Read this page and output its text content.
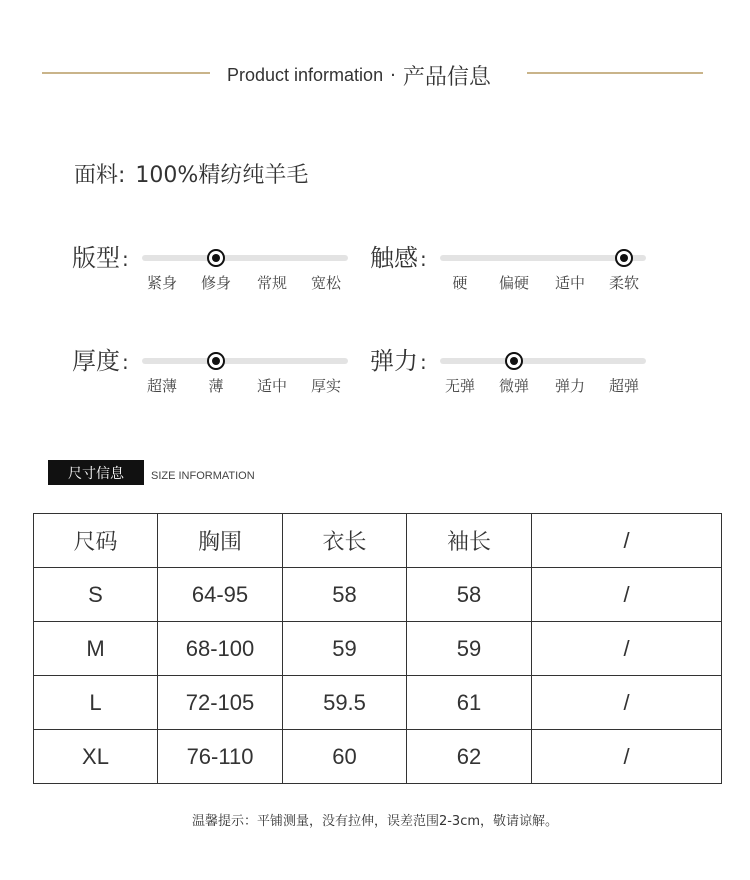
Product information · 产品信息
面料: 100%精纺纯羊毛
版型 :
紧身 修身 常规 宽松
触感 :
硬 偏硬 适中 柔软
厚度 :
超薄 薄 适中 厚实
弹力 :
无弹 微弹 弹力 超弹
尺寸信息	SIZE INFORMATION
尺码	胸围	衣长	袖长	/
S	64-95	58	58	/
M	68-100	59	59	/
L	72-105	59.5	61	/
XL	76-110	60	62	/
温馨提示：平铺测量，没有拉伸，误差范围2-3cm，敬请谅解。
